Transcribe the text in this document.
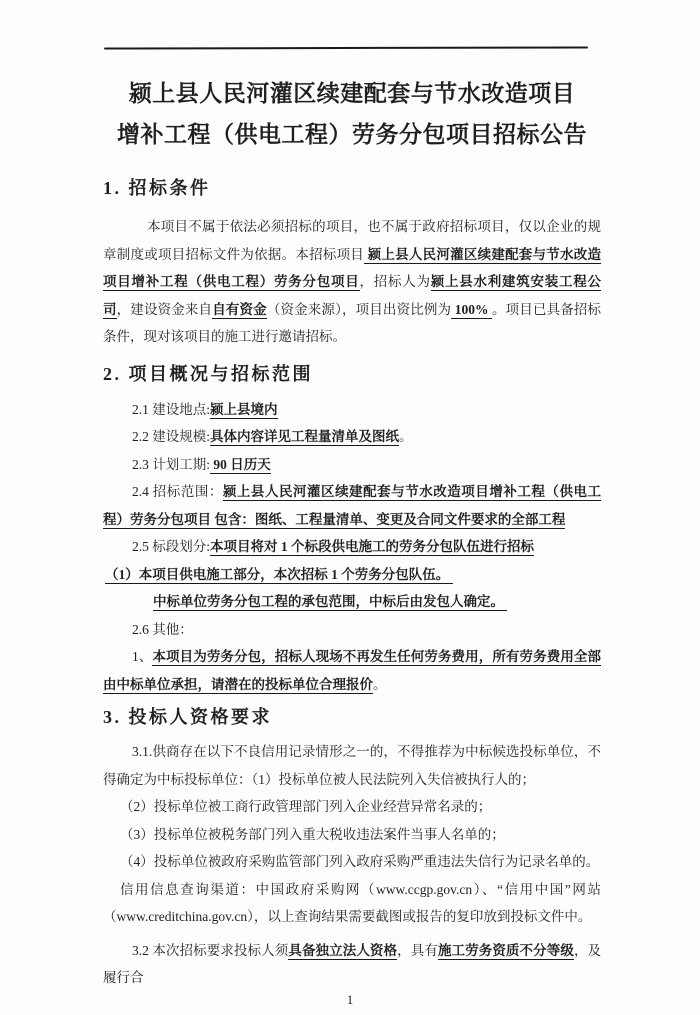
颍上县人民河灌区续建配套与节水改造项目
增补工程（供电工程）劳务分包项目招标公告
1. 招标条件

本项目不属于依法必须招标的项目，也不属于政府招标项目，仅以企业的规章制度或项目招标文件为依据。本招标项目 颍上县人民河灌区续建配套与节水改造项目增补工程（供电工程）劳务分包项目，招标人为颍上县水利建筑安装工程公司，建设资金来自自有资金（资金来源），项目出资比例为 100% 。项目已具备招标条件，现对该项目的施工进行邀请招标。

2. 项目概况与招标范围

2.1 建设地点:颍上县境内

2.2 建设规模:具体内容详见工程量清单及图纸。

2.3 计划工期: 90 日历天

2.4 招标范围：颍上县人民河灌区续建配套与节水改造项目增补工程（供电工程）劳务分包项目 包含：图纸、工程量清单、变更及合同文件要求的全部工程

2.5 标段划分:本项目将对 1 个标段供电施工的劳务分包队伍进行招标

（1）本项目供电施工部分，本次招标 1 个劳务分包队伍。

中标单位劳务分包工程的承包范围，中标后由发包人确定。

2.6 其他：

1、本项目为劳务分包，招标人现场不再发生任何劳务费用，所有劳务费用全部由中标单位承担，请潜在的投标单位合理报价。

3. 投标人资格要求

3.1.供商存在以下不良信用记录情形之一的，不得推荐为中标候选投标单位，不得确定为中标投标单位：（1）投标单位被人民法院列入失信被执行人的；

（2）投标单位被工商行政管理部门列入企业经营异常名录的；

（3）投标单位被税务部门列入重大税收违法案件当事人名单的；

（4）投标单位被政府采购监管部门列入政府采购严重违法失信行为记录名单的。

信用信息查询渠道：中国政府采购网（www.ccgp.gov.cn）、“信用中国”网站（www.creditchina.gov.cn），以上查询结果需要截图或报告的复印放到投标文件中。

3.2 本次招标要求投标人须具备独立法人资格，具有施工劳务资质不分等级，及履行合

1
